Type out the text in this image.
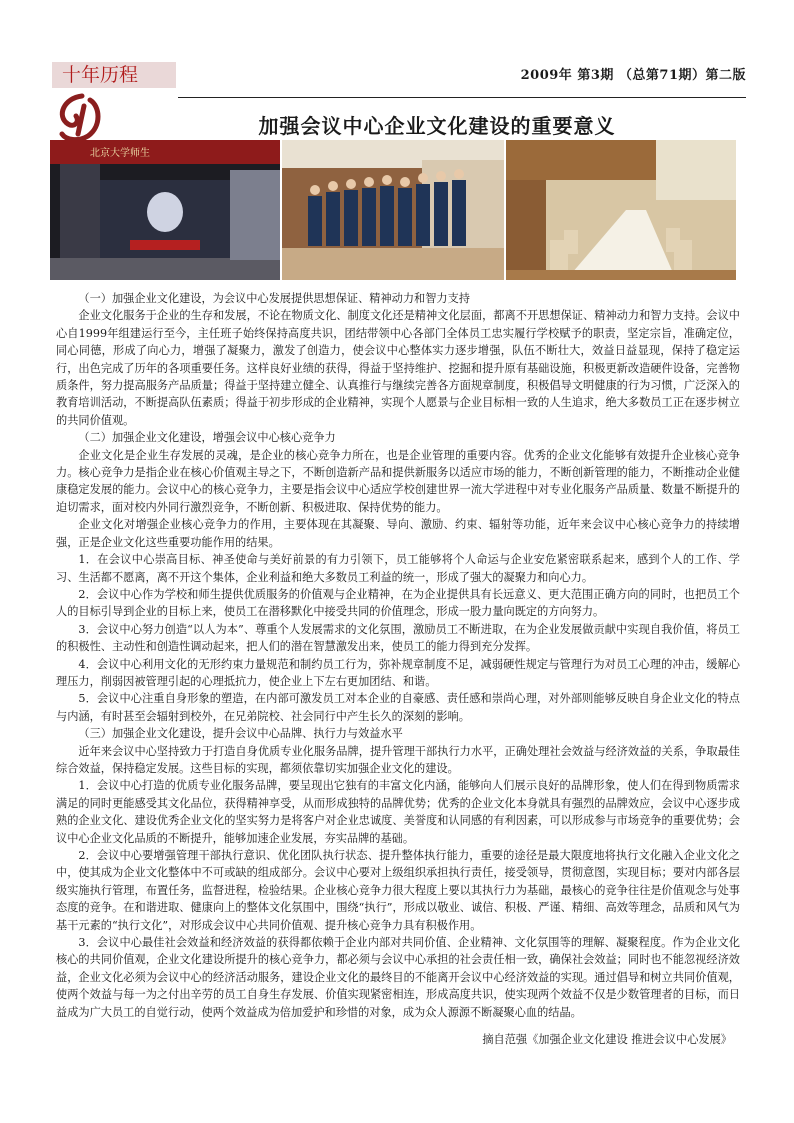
十年历程	2009年 第3期 （总第71期）第二版
加强会议中心企业文化建设的重要意义
北京大学师生

（一）加强企业文化建设，为会议中心发展提供思想保证、精神动力和智力支持

企业文化服务于企业的生存和发展，不论在物质文化、制度文化还是精神文化层面，都离不开思想保证、精神动力和智力支持。会议中心自1999年组建运行至今，主任班子始终保持高度共识，团结带领中心各部门全体员工忠实履行学校赋予的职责，坚定宗旨，准确定位，同心同德，形成了向心力，增强了凝聚力，激发了创造力，使会议中心整体实力逐步增强，队伍不断壮大，效益日益显现，保持了稳定运行，出色完成了历年的各项重要任务。这样良好业绩的获得，得益于坚持维护、挖掘和提升原有基础设施，积极更新改造硬件设备，完善物质条件，努力提高服务产品质量；得益于坚持建立健全、认真推行与继续完善各方面规章制度，积极倡导文明健康的行为习惯，广泛深入的教育培训活动，不断提高队伍素质；得益于初步形成的企业精神，实现个人愿景与企业目标相一致的人生追求，绝大多数员工正在逐步树立的共同价值观。

（二）加强企业文化建设，增强会议中心核心竞争力

企业文化是企业生存发展的灵魂，是企业的核心竞争力所在，也是企业管理的重要内容。优秀的企业文化能够有效提升企业核心竞争力。核心竞争力是指企业在核心价值观主导之下，不断创造新产品和提供新服务以适应市场的能力，不断创新管理的能力，不断推动企业健康稳定发展的能力。会议中心的核心竞争力，主要是指会议中心适应学校创建世界一流大学进程中对专业化服务产品质量、数量不断提升的迫切需求，面对校内外同行激烈竞争，不断创新、积极进取、保持优势的能力。

企业文化对增强企业核心竞争力的作用，主要体现在其凝聚、导向、激励、约束、辐射等功能，近年来会议中心核心竞争力的持续增强，正是企业文化这些重要功能作用的结果。

1．在会议中心崇高目标、神圣使命与美好前景的有力引领下，员工能够将个人命运与企业安危紧密联系起来，感到个人的工作、学习、生活都不愿离，离不开这个集体，企业利益和绝大多数员工利益的统一，形成了强大的凝聚力和向心力。

2．会议中心作为学校和师生提供优质服务的价值观与企业精神，在为企业提供具有长远意义、更大范围正确方向的同时，也把员工个人的目标引导到企业的目标上来，使员工在潜移默化中接受共同的价值理念，形成一股力量向既定的方向努力。

3．会议中心努力创造“以人为本”、尊重个人发展需求的文化氛围，激励员工不断进取，在为企业发展做贡献中实现自我价值，将员工的积极性、主动性和创造性调动起来，把人们的潜在智慧激发出来，使员工的能力得到充分发挥。

4．会议中心利用文化的无形约束力量规范和制约员工行为，弥补规章制度不足，减弱硬性规定与管理行为对员工心理的冲击，缓解心理压力，削弱因被管理引起的心理抵抗力，使企业上下左右更加团结、和谐。

5．会议中心注重自身形象的塑造，在内部可激发员工对本企业的自豪感、责任感和崇尚心理，对外部则能够反映自身企业文化的特点与内涵，有时甚至会辐射到校外，在兄弟院校、社会同行中产生长久的深刻的影响。

（三）加强企业文化建设，提升会议中心品牌、执行力与效益水平

近年来会议中心坚持致力于打造自身优质专业化服务品牌，提升管理干部执行力水平，正确处理社会效益与经济效益的关系，争取最佳综合效益，保持稳定发展。这些目标的实现，都须依靠切实加强企业文化的建设。

1．会议中心打造的优质专业化服务品牌，要呈现出它独有的丰富文化内涵，能够向人们展示良好的品牌形象，使人们在得到物质需求满足的同时更能感受其文化品位，获得精神享受，从而形成独特的品牌优势；优秀的企业文化本身就具有强烈的品牌效应，会议中心逐步成熟的企业文化、建设优秀企业文化的坚实努力是将客户对企业忠诚度、美誉度和认同感的有利因素，可以形成参与市场竞争的重要优势；会议中心企业文化品质的不断提升，能够加速企业发展，夯实品牌的基础。

2．会议中心要增强管理干部执行意识、优化团队执行状态、提升整体执行能力，重要的途径是最大限度地将执行文化融入企业文化之中，使其成为企业文化整体中不可或缺的组成部分。会议中心要对上级组织承担执行责任，接受领导，贯彻意图，实现目标；要对内部各层级实施执行管理，布置任务，监督进程，检验结果。企业核心竞争力很大程度上要以其执行力为基础，最核心的竞争往往是价值观念与处事态度的竞争。在和谐进取、健康向上的整体文化氛围中，围绕“执行”，形成以敬业、诚信、积极、严谨、精细、高效等理念，品质和风气为基干元素的“执行文化”，对形成会议中心共同价值观、提升核心竞争力具有积极作用。

3．会议中心最佳社会效益和经济效益的获得都依赖于企业内部对共同价值、企业精神、文化氛围等的理解、凝聚程度。作为企业文化核心的共同价值观，企业文化建设所提升的核心竞争力，都必须与会议中心承担的社会责任相一致，确保社会效益；同时也不能忽视经济效益，企业文化必须为会议中心的经济活动服务，建设企业文化的最终目的不能离开会议中心经济效益的实现。通过倡导和树立共同价值观，使两个效益与每一为之付出辛劳的员工自身生存发展、价值实现紧密相连，形成高度共识，使实现两个效益不仅是少数管理者的目标，而日益成为广大员工的自觉行动，使两个效益成为倍加爱护和珍惜的对象，成为众人源源不断凝聚心血的结晶。

摘自范强《加强企业文化建设 推进会议中心发展》
